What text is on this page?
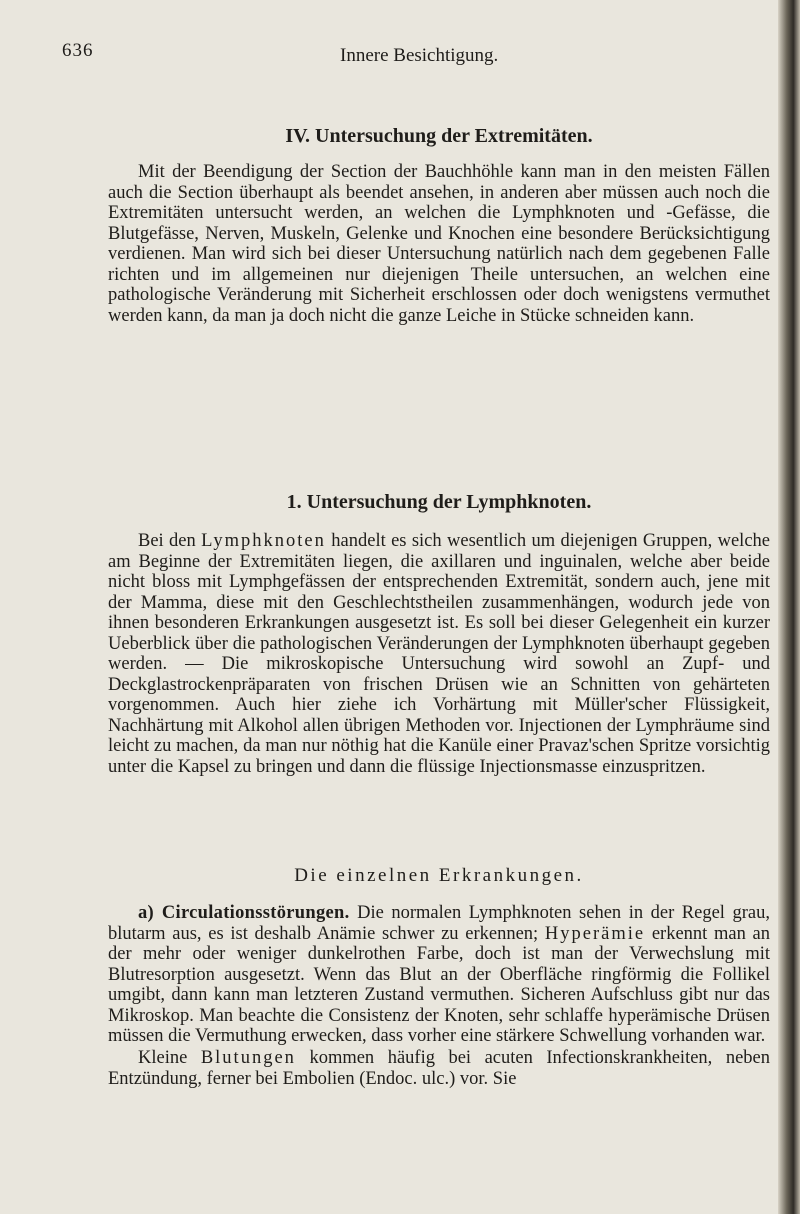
636	Innere Besichtigung.
IV. Untersuchung der Extremitäten.

Mit der Beendigung der Section der Bauchhöhle kann man in den meisten Fällen auch die Section überhaupt als beendet ansehen, in anderen aber müssen auch noch die Extremitäten untersucht werden, an welchen die Lymphknoten und -Gefässe, die Blutgefässe, Nerven, Muskeln, Gelenke und Knochen eine besondere Berücksichtigung verdienen. Man wird sich bei dieser Untersuchung natürlich nach dem gegebenen Falle richten und im allgemeinen nur diejenigen Theile untersuchen, an welchen eine pathologische Veränderung mit Sicherheit erschlossen oder doch wenigstens vermuthet werden kann, da man ja doch nicht die ganze Leiche in Stücke schneiden kann.

1. Untersuchung der Lymphknoten.

Bei den Lymphknoten handelt es sich wesentlich um diejenigen Gruppen, welche am Beginne der Extremitäten liegen, die axillaren und inguinalen, welche aber beide nicht bloss mit Lymphgefässen der entsprechenden Extremität, sondern auch, jene mit der Mamma, diese mit den Geschlechtstheilen zusammenhängen, wodurch jede von ihnen besonderen Erkrankungen ausgesetzt ist. Es soll bei dieser Gelegenheit ein kurzer Ueberblick über die pathologischen Veränderungen der Lymphknoten überhaupt gegeben werden. — Die mikroskopische Untersuchung wird sowohl an Zupf- und Deckglastrockenpräparaten von frischen Drüsen wie an Schnitten von gehärteten vorgenommen. Auch hier ziehe ich Vorhärtung mit Müller'scher Flüssigkeit, Nachhärtung mit Alkohol allen übrigen Methoden vor. Injectionen der Lymphräume sind leicht zu machen, da man nur nöthig hat die Kanüle einer Pravaz'schen Spritze vorsichtig unter die Kapsel zu bringen und dann die flüssige Injectionsmasse einzuspritzen.

Die einzelnen Erkrankungen.

a) Circulationsstörungen. Die normalen Lymphknoten sehen in der Regel grau, blutarm aus, es ist deshalb Anämie schwer zu erkennen; Hyperämie erkennt man an der mehr oder weniger dunkelrothen Farbe, doch ist man der Verwechslung mit Blutresorption ausgesetzt. Wenn das Blut an der Oberfläche ringförmig die Follikel umgibt, dann kann man letzteren Zustand vermuthen. Sicheren Aufschluss gibt nur das Mikroskop. Man beachte die Consistenz der Knoten, sehr schlaffe hyperämische Drüsen müssen die Vermuthung erwecken, dass vorher eine stärkere Schwellung vorhanden war.

Kleine Blutungen kommen häufig bei acuten Infectionskrankheiten, neben Entzündung, ferner bei Embolien (Endoc. ulc.) vor. Sie
